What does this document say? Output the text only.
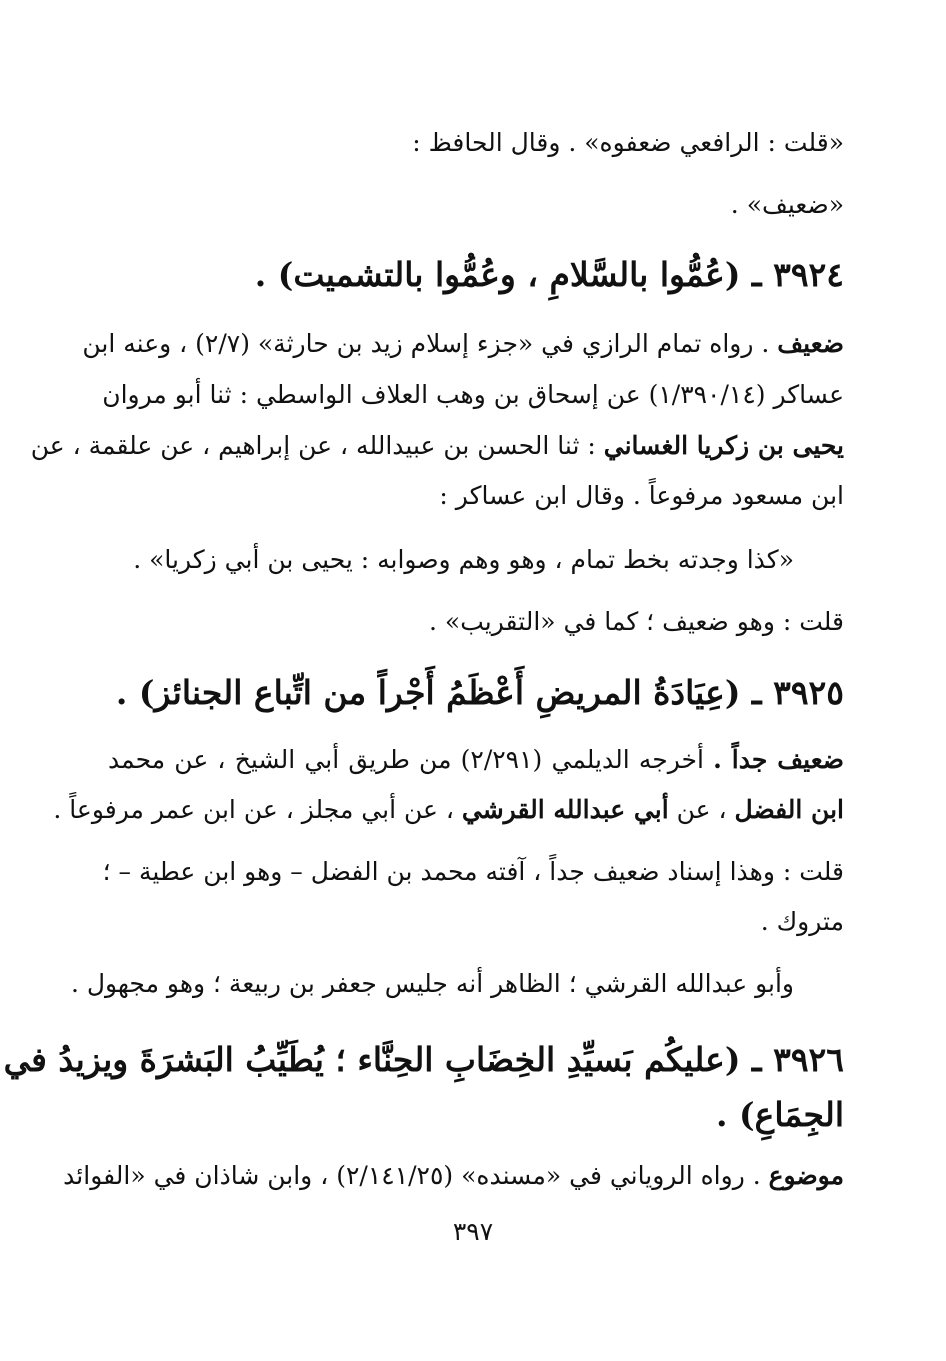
«قلت : الرافعي ضعفوه» . وقال الحافظ :
«ضعيف» .
٣٩٢٤ ـ (عُمُّوا بالسَّلامِ ، وعُمُّوا بالتشميت) .
ضعيف . رواه تمام الرازي في «جزء إسلام زيد بن حارثة» (٢/٧) ، وعنه ابن
عساكر (١/٣٩٠/١٤) عن إسحاق بن وهب العلاف الواسطي : ثنا أبو مروان
يحيى بن زكريا الغساني : ثنا الحسن بن عبيدالله ، عن إبراهيم ، عن علقمة ، عن
ابن مسعود مرفوعاً . وقال ابن عساكر :
«كذا وجدته بخط تمام ، وهو وهم وصوابه : يحيى بن أبي زكريا» .
قلت : وهو ضعيف ؛ كما في «التقريب» .
٣٩٢٥ ـ (عِيَادَةُ المريضِ أَعْظَمُ أَجْراً من اتِّباع الجنائز) .
ضعيف جداً . أخرجه الديلمي (٢/٢٩١) من طريق أبي الشيخ ، عن محمد
ابن الفضل ، عن أبي عبدالله القرشي ، عن أبي مجلز ، عن ابن عمر مرفوعاً .
قلت : وهذا إسناد ضعيف جداً ، آفته محمد بن الفضل – وهو ابن عطية – ؛
متروك .
وأبو عبدالله القرشي ؛ الظاهر أنه جليس جعفر بن ربيعة ؛ وهو مجهول .
٣٩٢٦ ـ (عليكُم بَسيِّدِ الخِضَابِ الحِنَّاء ؛ يُطَيِّبُ البَشرَةَ ويزيدُ في
الجِمَاعِ) .
موضوع . رواه الروياني في «مسنده» (٢/١٤١/٢٥) ، وابن شاذان في «الفوائد
٣٩٧
